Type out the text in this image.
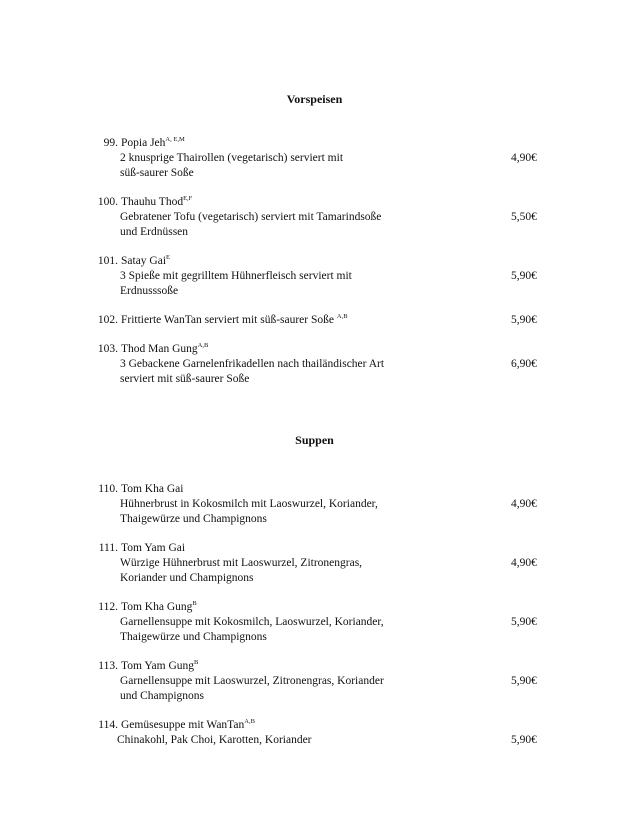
Vorspeisen
99. Popia Jeh$^{A, E,M}$
2 knusprige Thairollen (vegetarisch) serviert mit
süß-saurer Soße
4,90€
100. Thauhu Thod$^{E,F}$
Gebratener Tofu (vegetarisch) serviert mit Tamarindsoße
und Erdnüssen
5,50€
101. Satay Gai$^E$
3 Spieße mit gegrilltem Hühnerfleisch serviert mit
Erdnusssoße
5,90€
102. Frittierte WanTan serviert mit süß-saurer Soße $^{A,B}$	5,90€
103. Thod Man Gung$^{A,B}$
3 Gebackene Garnelenfrikadellen nach thailändischer Art
serviert mit süß-saurer Soße
6,90€
Suppen
110. Tom Kha Gai
Hühnerbrust in Kokosmilch mit Laoswurzel, Koriander,
Thaigewürze und Champignons
4,90€
111. Tom Yam Gai
Würzige Hühnerbrust mit Laoswurzel, Zitronengras,
Koriander und Champignons
4,90€
112. Tom Kha Gung$^B$
Garnellensuppe mit Kokosmilch, Laoswurzel, Koriander,
Thaigewürze und Champignons
5,90€
113. Tom Yam Gung$^B$
Garnellensuppe mit Laoswurzel, Zitronengras, Koriander
und Champignons
5,90€
114. Gemüsesuppe mit WanTan$^{A,B}$
Chinakohl, Pak Choi, Karotten, Koriander	5,90€
